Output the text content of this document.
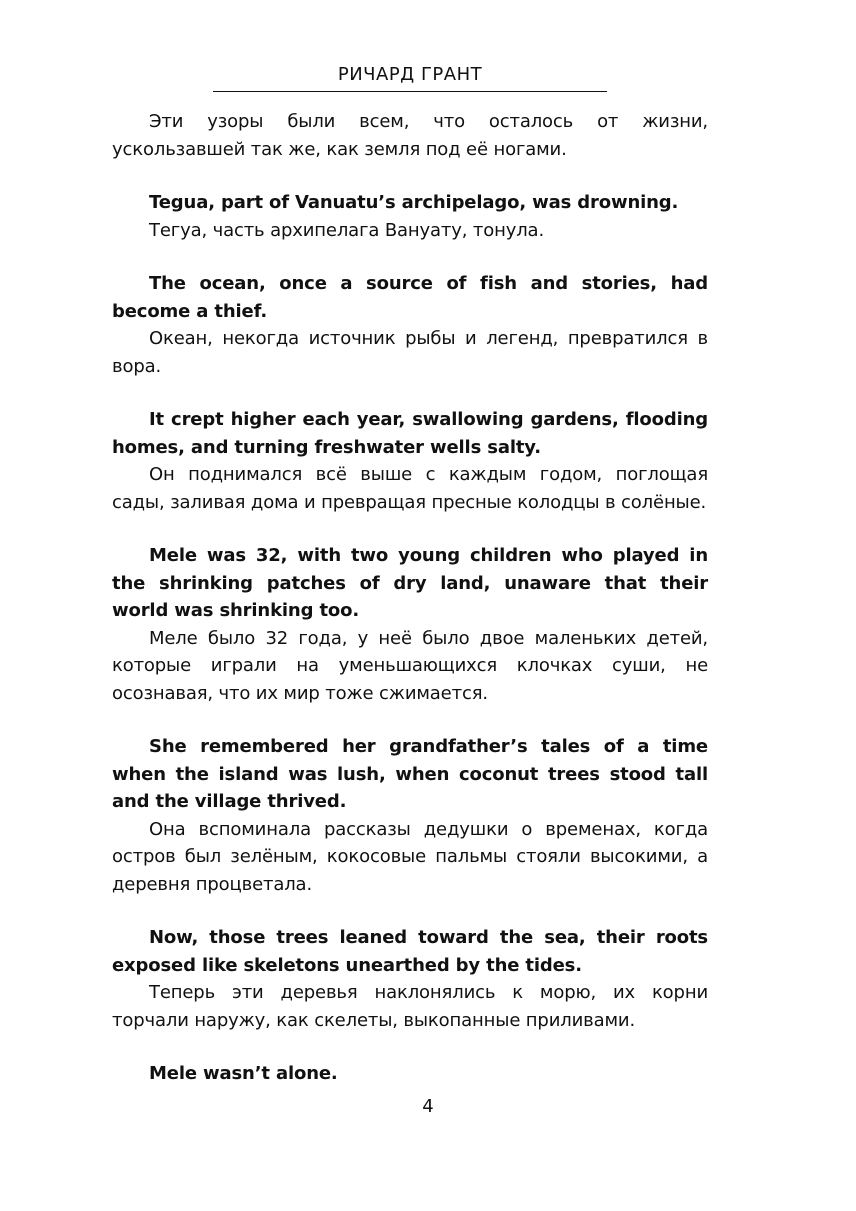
РИЧАРД ГРАНТ

Эти узоры были всем, что осталось от жизни, ускользавшей так же, как земля под её ногами.

Tegua, part of Vanuatu’s archipelago, was drowning.

Тегуа, часть архипелага Вануату, тонула.

The ocean, once a source of fish and stories, had become a thief.

Океан, некогда источник рыбы и легенд, превратился в вора.

It crept higher each year, swallowing gardens, flooding homes, and turning freshwater wells salty.

Он поднимался всё выше с каждым годом, поглощая сады, заливая дома и превращая пресные колодцы в солёные.

Mele was 32, with two young children who played in the shrinking patches of dry land, unaware that their world was shrinking too.

Меле было 32 года, у неё было двое маленьких детей, которые играли на уменьшающихся клочках суши, не осознавая, что их мир тоже сжимается.

She remembered her grandfather’s tales of a time when the island was lush, when coconut trees stood tall and the village thrived.

Она вспоминала рассказы дедушки о временах, когда остров был зелёным, кокосовые пальмы стояли высокими, а деревня процветала.

Now, those trees leaned toward the sea, their roots exposed like skeletons unearthed by the tides.

Теперь эти деревья наклонялись к морю, их корни торчали наружу, как скелеты, выкопанные приливами.

Mele wasn’t alone.

4
